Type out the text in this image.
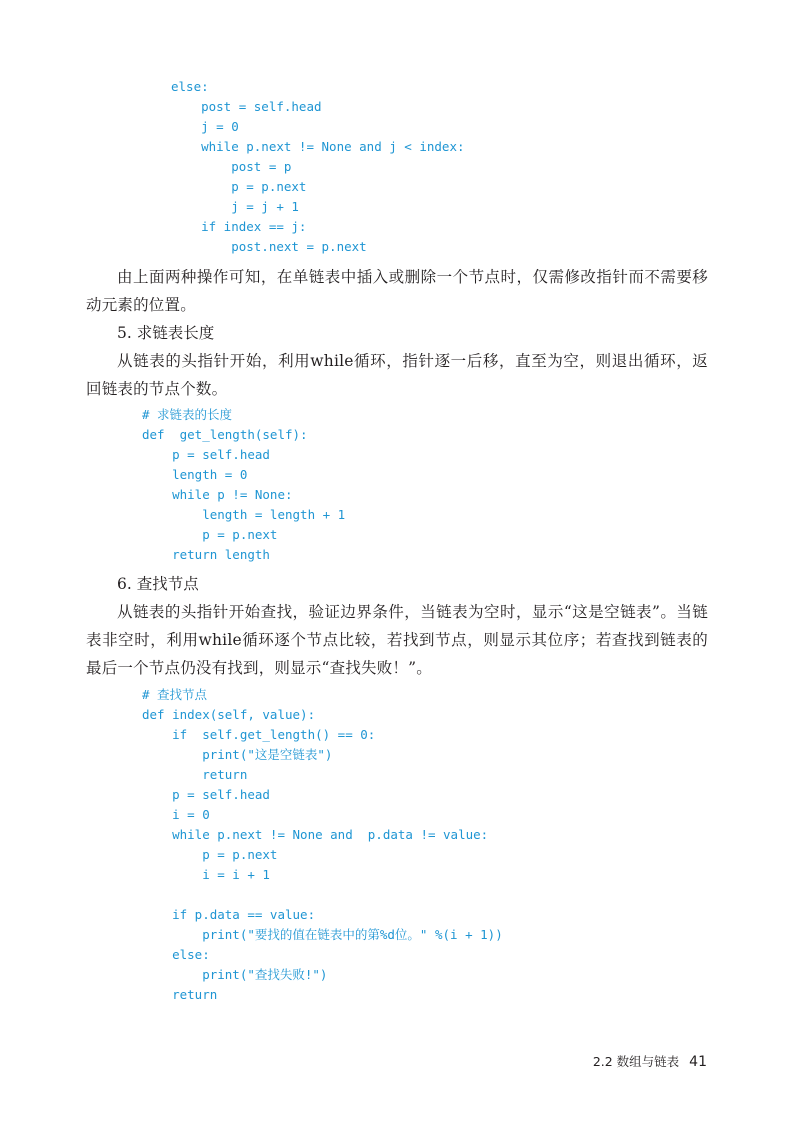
else:
post = self.head
j = 0
while p.next != None and j < index:
post = p
p = p.next
j = j + 1
if index == j:
post.next = p.next

由上面两种操作可知，在单链表中插入或删除一个节点时，仅需修改指针而不需要移动元素的位置。

5. 求链表长度

从链表的头指针开始，利用while循环，指针逐一后移，直至为空，则退出循环，返回链表的节点个数。

# 求链表的长度
def  get_length(self):
p = self.head
length = 0
while p != None:
length = length + 1
p = p.next
return length

6. 查找节点

从链表的头指针开始查找，验证边界条件，当链表为空时，显示“这是空链表”。当链表非空时，利用while循环逐个节点比较，若找到节点，则显示其位序；若查找到链表的最后一个节点仍没有找到，则显示“查找失败！”。

# 查找节点
def index(self, value):
if  self.get_length() == 0:
print("这是空链表")
return
p = self.head
i = 0
while p.next != None and  p.data != value:
p = p.next
i = i + 1
if p.data == value:
print("要找的值在链表中的第%d位。" %(i + 1))
else:
print("查找失败!")
return
2.2 数组与链表 41
